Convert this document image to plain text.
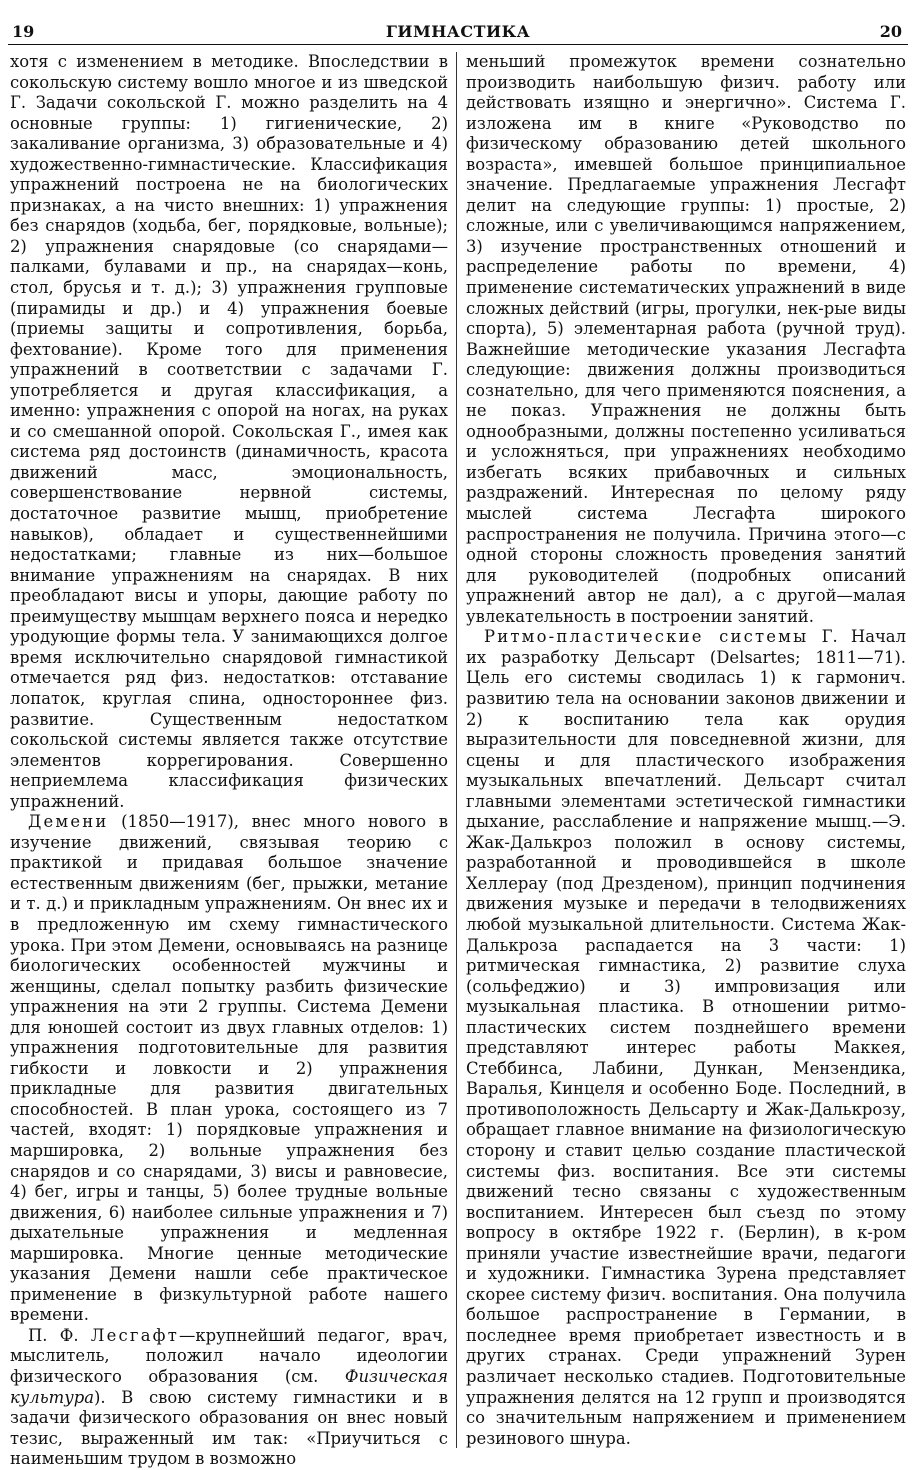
19	ГИМНАСТИКА	20

хотя с изменением в методике. Впоследствии в сокольскую систему вошло многое и из шведской Г. Задачи сокольской Г. можно разделить на 4 основные группы: 1) гигиенические, 2) закаливание организма, 3) образовательные и 4) художественно-гимнастические. Классификация упражнений построена не на биологических признаках, а на чисто внешних: 1) упражнения без снарядов (ходьба, бег, порядковые, вольные); 2) упражнения снарядовые (со снарядами—палками, булавами и пр., на снарядах—конь, стол, брусья и т. д.); 3) упражнения групповые (пирамиды и др.) и 4) упражнения боевые (приемы защиты и сопротивления, борьба, фехтование). Кроме того для применения упражнений в соответствии с задачами Г. употребляется и другая классификация, а именно: упражнения с опорой на ногах, на руках и со смешанной опорой. Сокольская Г., имея как система ряд достоинств (динамичность, красота движений масс, эмоциональность, совершенствование нервной системы, достаточное развитие мышц, приобретение навыков), обладает и существеннейшими недостатками; главные из них—большое внимание упражнениям на снарядах. В них преобладают висы и упоры, дающие работу по преимуществу мышцам верхнего пояса и нередко уродующие формы тела. У занимающихся долгое время исключительно снарядовой гимнастикой отмечается ряд физ. недостатков: отставание лопаток, круглая спина, одностороннее физ. развитие. Существенным недостатком сокольской системы является также отсутствие элементов коррегирования. Совершенно неприемлема классификация физических упражнений.

Демени (1850—1917), внес много нового в изучение движений, связывая теорию с практикой и придавая большое значение естественным движениям (бег, прыжки, метание и т. д.) и прикладным упражнениям. Он внес их и в предложенную им схему гимнастического урока. При этом Демени, основываясь на разнице биологических особенностей мужчины и женщины, сделал попытку разбить физические упражнения на эти 2 группы. Система Демени для юношей состоит из двух главных отделов: 1) упражнения подготовительные для развития гибкости и ловкости и 2) упражнения прикладные для развития двигательных способностей. В план урока, состоящего из 7 частей, входят: 1) порядковые упражнения и маршировка, 2) вольные упражнения без снарядов и со снарядами, 3) висы и равновесие, 4) бег, игры и танцы, 5) более трудные вольные движения, 6) наиболее сильные упражнения и 7) дыхательные упражнения и медленная маршировка. Многие ценные методические указания Демени нашли себе практическое применение в физкультурной работе нашего времени.

П. Ф. Лесгафт—крупнейший педагог, врач, мыслитель, положил начало идеологии физического образования (см. Физическая культура). В свою систему гимнастики и в задачи физического образования он внес новый тезис, выраженный им так: «Приучиться с наименьшим трудом в возможно

меньший промежуток времени сознательно производить наибольшую физич. работу или действовать изящно и энергично». Система Г. изложена им в книге «Руководство по физическому образованию детей школьного возраста», имевшей большое принципиальное значение. Предлагаемые упражнения Лесгафт делит на следующие группы: 1) простые, 2) сложные, или с увеличивающимся напряжением, 3) изучение пространственных отношений и распределение работы по времени, 4) применение систематических упражнений в виде сложных действий (игры, прогулки, нек-рые виды спорта), 5) элементарная работа (ручной труд). Важнейшие методические указания Лесгафта следующие: движения должны производиться сознательно, для чего применяются пояснения, а не показ. Упражнения не должны быть однообразными, должны постепенно усиливаться и усложняться, при упражнениях необходимо избегать всяких прибавочных и сильных раздражений. Интересная по целому ряду мыслей система Лесгафта широкого распространения не получила. Причина этого—с одной стороны сложность проведения занятий для руководителей (подробных описаний упражнений автор не дал), а с другой—малая увлекательность в построении занятий.

Ритмо-пластические системы Г. Начал их разработку Дельсарт (Delsartes; 1811—71). Цель его системы сводилась 1) к гармонич. развитию тела на основании законов движении и 2) к воспитанию тела как орудия выразительности для повседневной жизни, для сцены и для пластического изображения музыкальных впечатлений. Дельсарт считал главными элементами эстетической гимнастики дыхание, расслабление и напряжение мышц.—Э. Жак-Далькроз положил в основу системы, разработанной и проводившейся в школе Хеллерау (под Дрезденом), принцип подчинения движения музыке и передачи в телодвижениях любой музыкальной длительности. Система Жак-Далькроза распадается на 3 части: 1) ритмическая гимнастика, 2) развитие слуха (сольфеджио) и 3) импровизация или музыкальная пластика. В отношении ритмо-пластических систем позднейшего времени представляют интерес работы Маккея, Стеббинса, Лабини, Дункан, Мензендика, Варалья, Кинцеля и особенно Боде. Последний, в противоположность Дельсарту и Жак-Далькрозу, обращает главное внимание на физиологическую сторону и ставит целью создание пластической системы физ. воспитания. Все эти системы движений тесно связаны с художественным воспитанием. Интересен был съезд по этому вопросу в октябре 1922 г. (Берлин), в к-ром приняли участие известнейшие врачи, педагоги и художники. Гимнастика Зурена представляет скорее систему физич. воспитания. Она получила большое распространение в Германии, в последнее время приобретает известность и в других странах. Среди упражнений Зурен различает несколько стадиев. Подготовительные упражнения делятся на 12 групп и производятся со значительным напряжением и применением резинового шнура.
